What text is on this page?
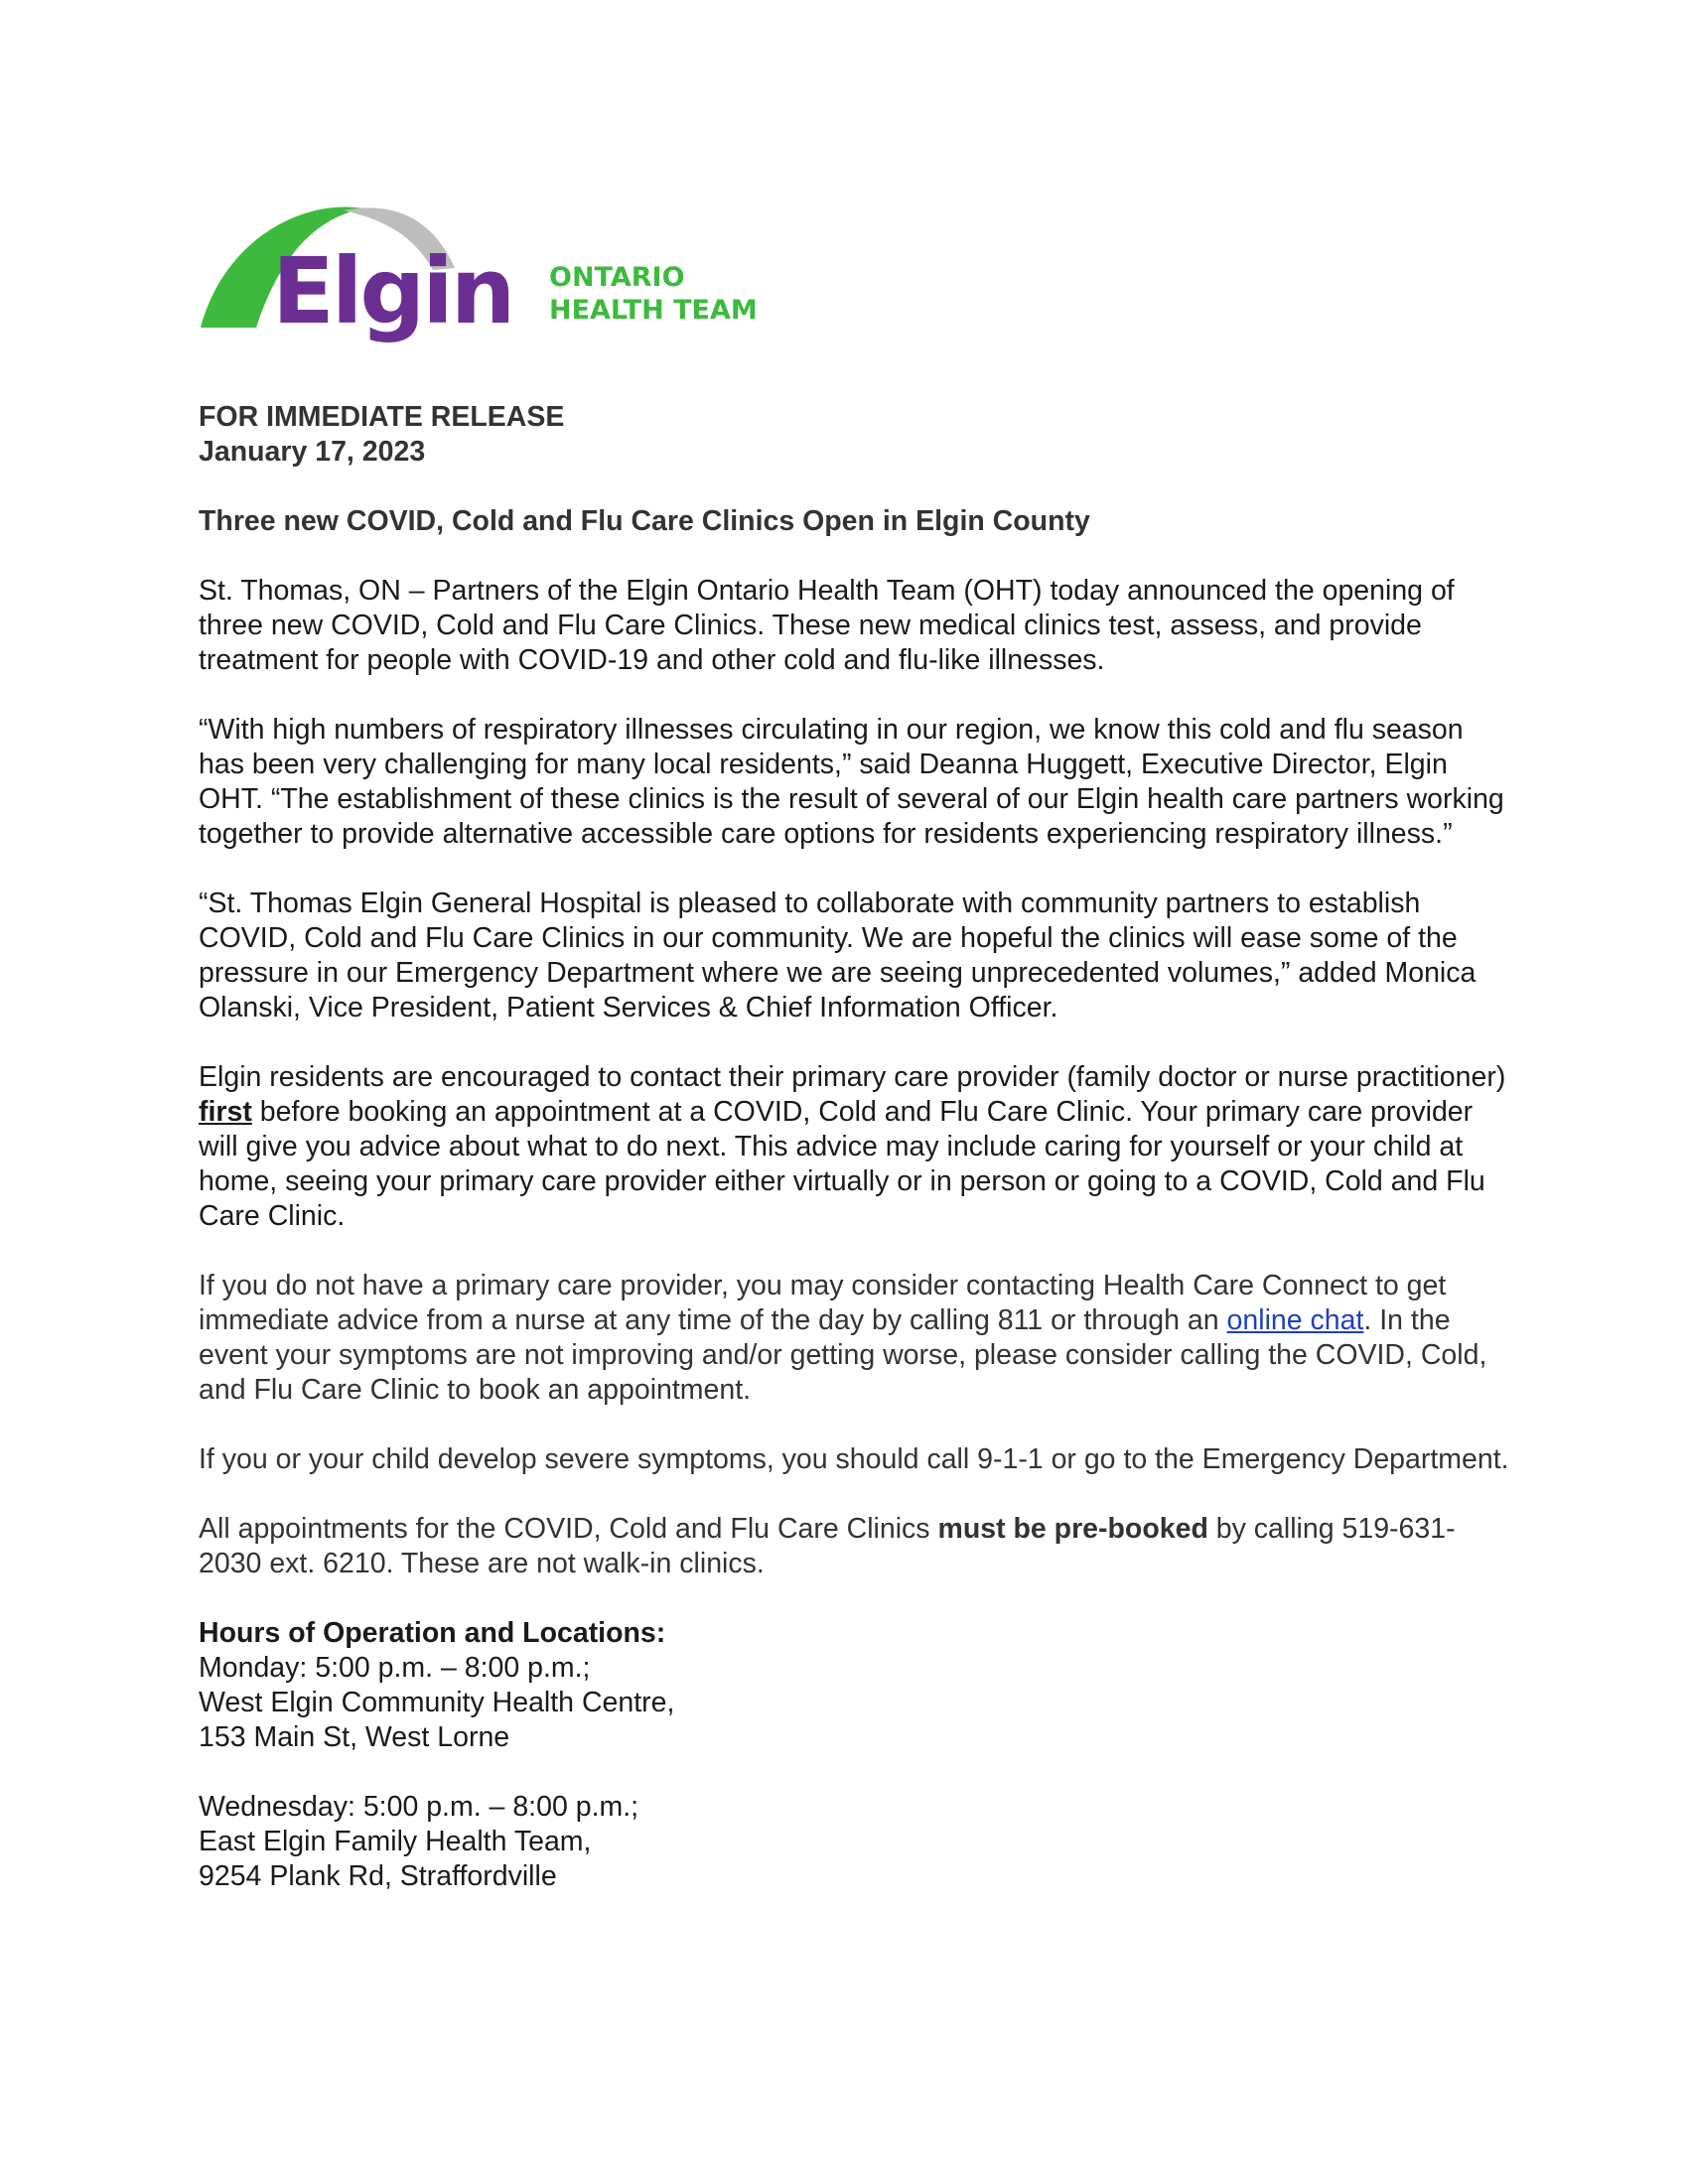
Elgin ONTARIO
HEALTH TEAM

FOR IMMEDIATE RELEASE
January 17, 2023

Three new COVID, Cold and Flu Care Clinics Open in Elgin County

St. Thomas, ON – Partners of the Elgin Ontario Health Team (OHT) today announced the opening of three new COVID, Cold and Flu Care Clinics. These new medical clinics test, assess, and provide treatment for people with COVID-19 and other cold and flu-like illnesses.

“With high numbers of respiratory illnesses circulating in our region, we know this cold and flu season has been very challenging for many local residents,” said Deanna Huggett, Executive Director, Elgin OHT. “The establishment of these clinics is the result of several of our Elgin health care partners working together to provide alternative accessible care options for residents experiencing respiratory illness.”

“St. Thomas Elgin General Hospital is pleased to collaborate with community partners to establish COVID, Cold and Flu Care Clinics in our community. We are hopeful the clinics will ease some of the pressure in our Emergency Department where we are seeing unprecedented volumes,” added Monica Olanski, Vice President, Patient Services & Chief Information Officer.

Elgin residents are encouraged to contact their primary care provider (family doctor or nurse practitioner) first before booking an appointment at a COVID, Cold and Flu Care Clinic. Your primary care provider will give you advice about what to do next. This advice may include caring for yourself or your child at home, seeing your primary care provider either virtually or in person or going to a COVID, Cold and Flu Care Clinic.

If you do not have a primary care provider, you may consider contacting Health Care Connect to get immediate advice from a nurse at any time of the day by calling 811 or through an online chat. In the event your symptoms are not improving and/or getting worse, please consider calling the COVID, Cold, and Flu Care Clinic to book an appointment.

If you or your child develop severe symptoms, you should call 9-1-1 or go to the Emergency Department.

All appointments for the COVID, Cold and Flu Care Clinics must be pre-booked by calling 519-631-2030 ext. 6210. These are not walk-in clinics.

Hours of Operation and Locations:
Monday: 5:00 p.m. – 8:00 p.m.;
West Elgin Community Health Centre,
153 Main St, West Lorne

Wednesday: 5:00 p.m. – 8:00 p.m.;
East Elgin Family Health Team,
9254 Plank Rd, Straffordville
